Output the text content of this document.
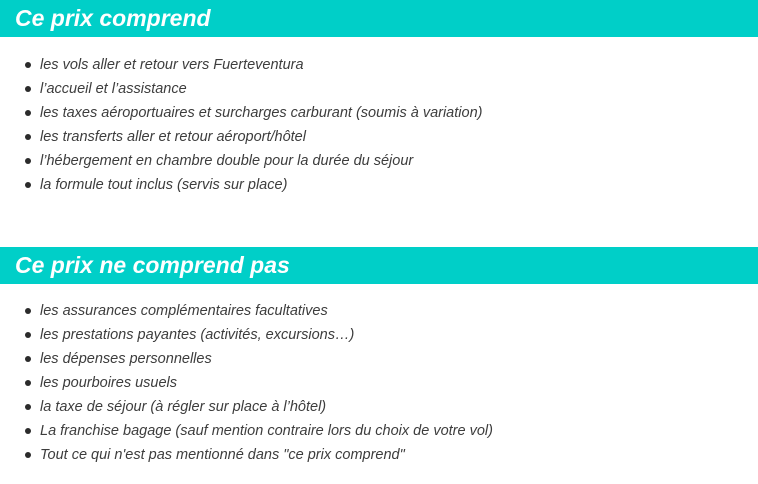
Ce prix comprend
les vols aller et retour vers Fuerteventura
l’accueil et l’assistance
les taxes aéroportuaires et surcharges carburant (soumis à variation)
les transferts aller et retour aéroport/hôtel
l’hébergement en chambre double pour la durée du séjour
la formule tout inclus (servis sur place)
Ce prix ne comprend pas
les assurances complémentaires facultatives
les prestations payantes (activités, excursions…)
les dépenses personnelles
les pourboires usuels
la taxe de séjour (à régler sur place à l’hôtel)
La franchise bagage (sauf mention contraire lors du choix de votre vol)
Tout ce qui n'est pas mentionné dans "ce prix comprend"
